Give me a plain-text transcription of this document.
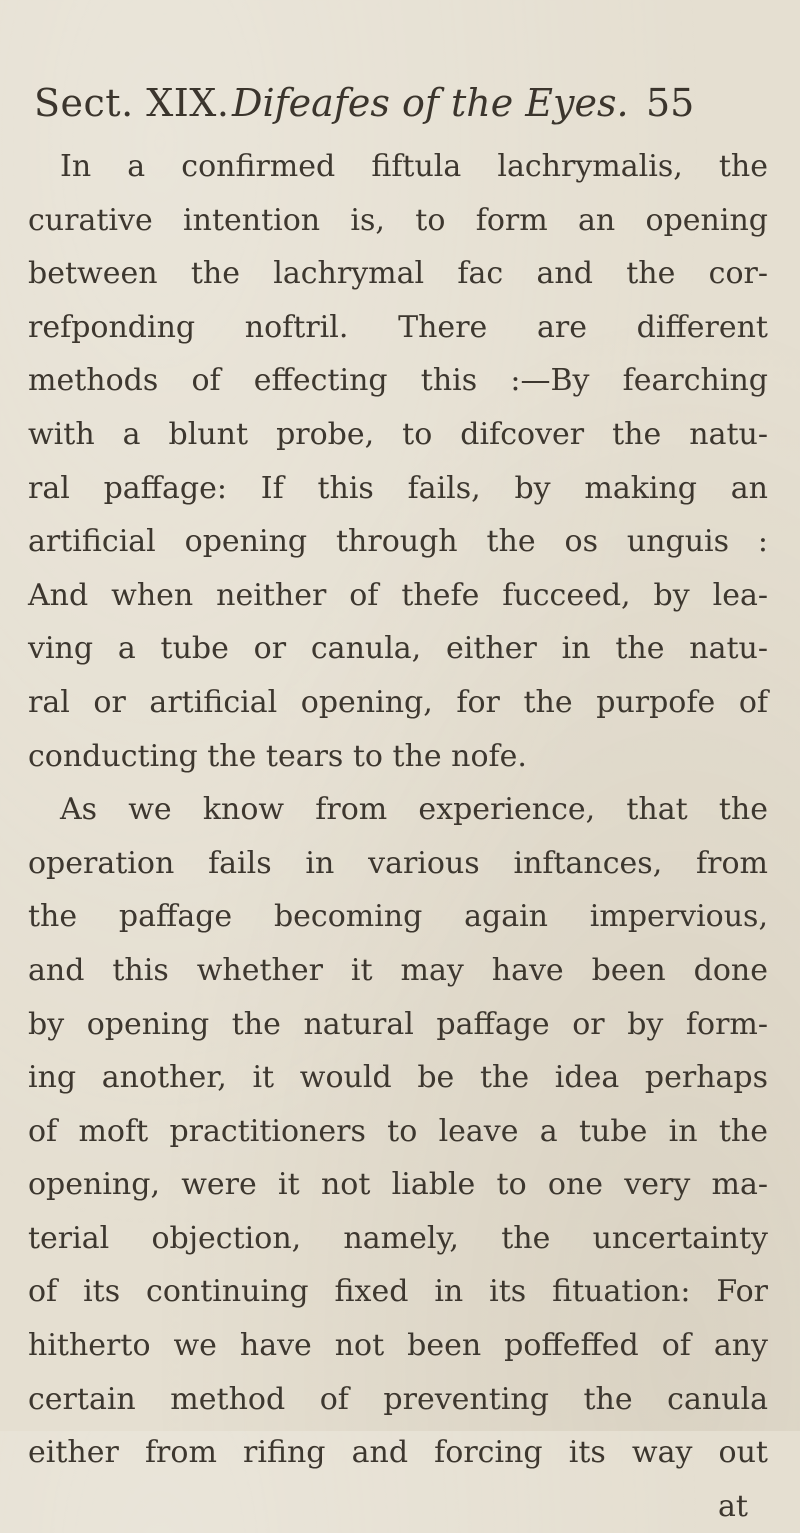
Sect. XIX. Difeafes of the Eyes. 55
In a confirmed fiftula lachrymalis, the
curative intention is, to form an opening
between the lachrymal fac and the cor-
refponding noftril. There are different
methods of effecting this :—By fearching
with a blunt probe, to difcover the natu-
ral paffage: If this fails, by making an
artificial opening through the os unguis :
And when neither of thefe fucceed, by lea-
ving a tube or canula, either in the natu-
ral or artificial opening, for the purpofe of
conducting the tears to the nofe.
As we know from experience, that the
operation fails in various inftances, from
the paffage becoming again impervious,
and this whether it may have been done
by opening the natural paffage or by form-
ing another, it would be the idea perhaps
of moft practitioners to leave a tube in the
opening, were it not liable to one very ma-
terial objection, namely, the uncertainty
of its continuing fixed in its fituation: For
hitherto we have not been poffeffed of any
certain method of preventing the canula
either from rifing and forcing its way out
at
